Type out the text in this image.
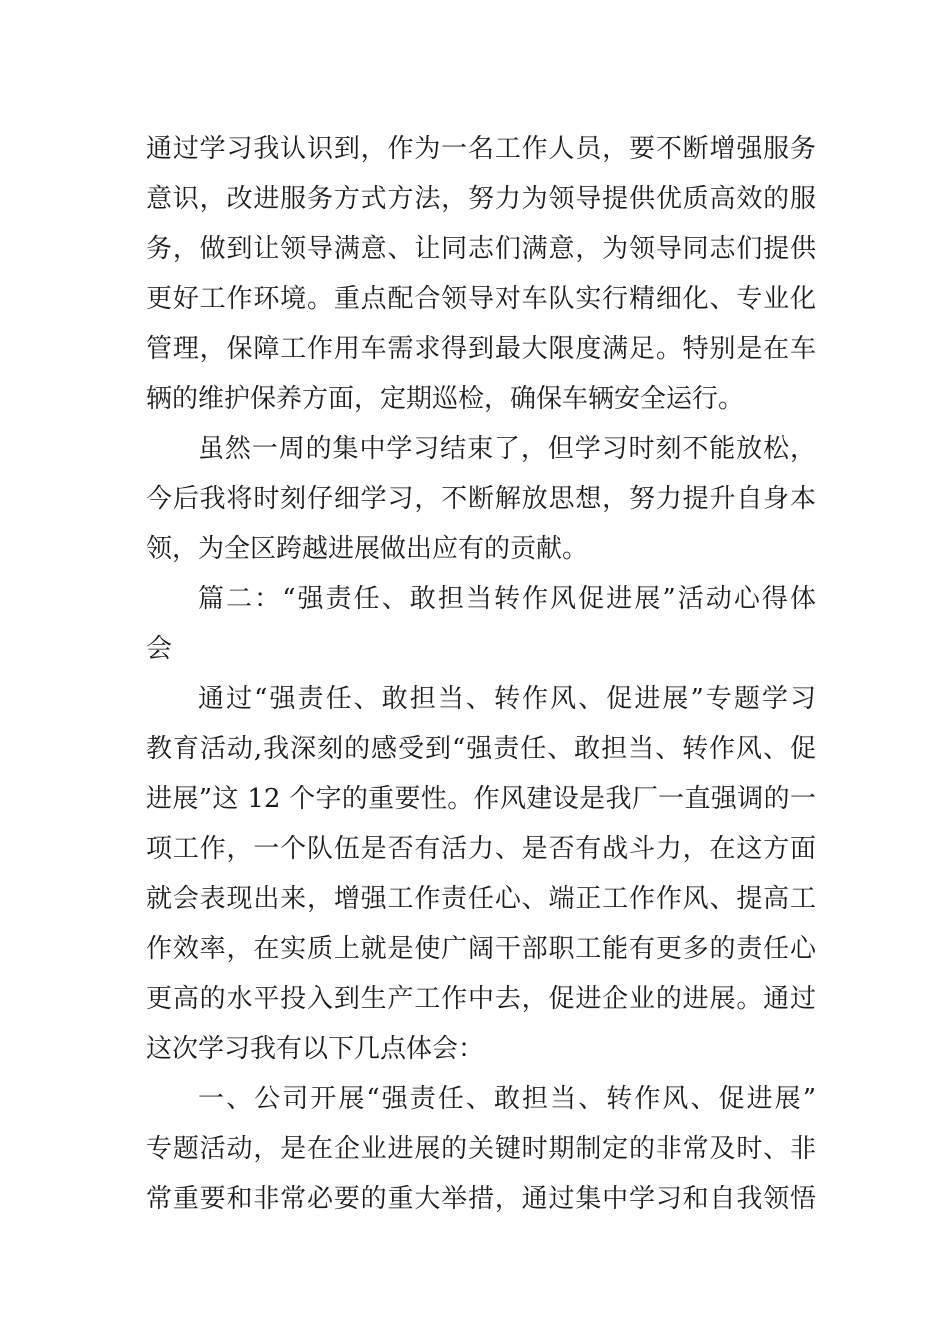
通过学习我认识到，作为一名工作人员，要不断增强服务
意识，改进服务方式方法，努力为领导提供优质高效的服
务，做到让领导满意、让同志们满意，为领导同志们提供
更好工作环境。重点配合领导对车队实行精细化、专业化
管理，保障工作用车需求得到最大限度满足。特别是在车
辆的维护保养方面，定期巡检，确保车辆安全运行。
虽然一周的集中学习结束了，但学习时刻不能放松，
今后我将时刻仔细学习，不断解放思想，努力提升自身本
领，为全区跨越进展做出应有的贡献。
篇二：“强责任、敢担当转作风促进展”活动心得体
会
通过“强责任、敢担当、转作风、促进展”专题学习
教育活动,我深刻的感受到“强责任、敢担当、转作风、促
进展”这 12 个字的重要性。作风建设是我厂一直强调的一
项工作，一个队伍是否有活力、是否有战斗力，在这方面
就会表现出来，增强工作责任心、端正工作作风、提高工
作效率，在实质上就是使广阔干部职工能有更多的责任心
更高的水平投入到生产工作中去，促进企业的进展。通过
这次学习我有以下几点体会：
一、公司开展“强责任、敢担当、转作风、促进展”
专题活动，是在企业进展的关键时期制定的非常及时、非
常重要和非常必要的重大举措，通过集中学习和自我领悟
